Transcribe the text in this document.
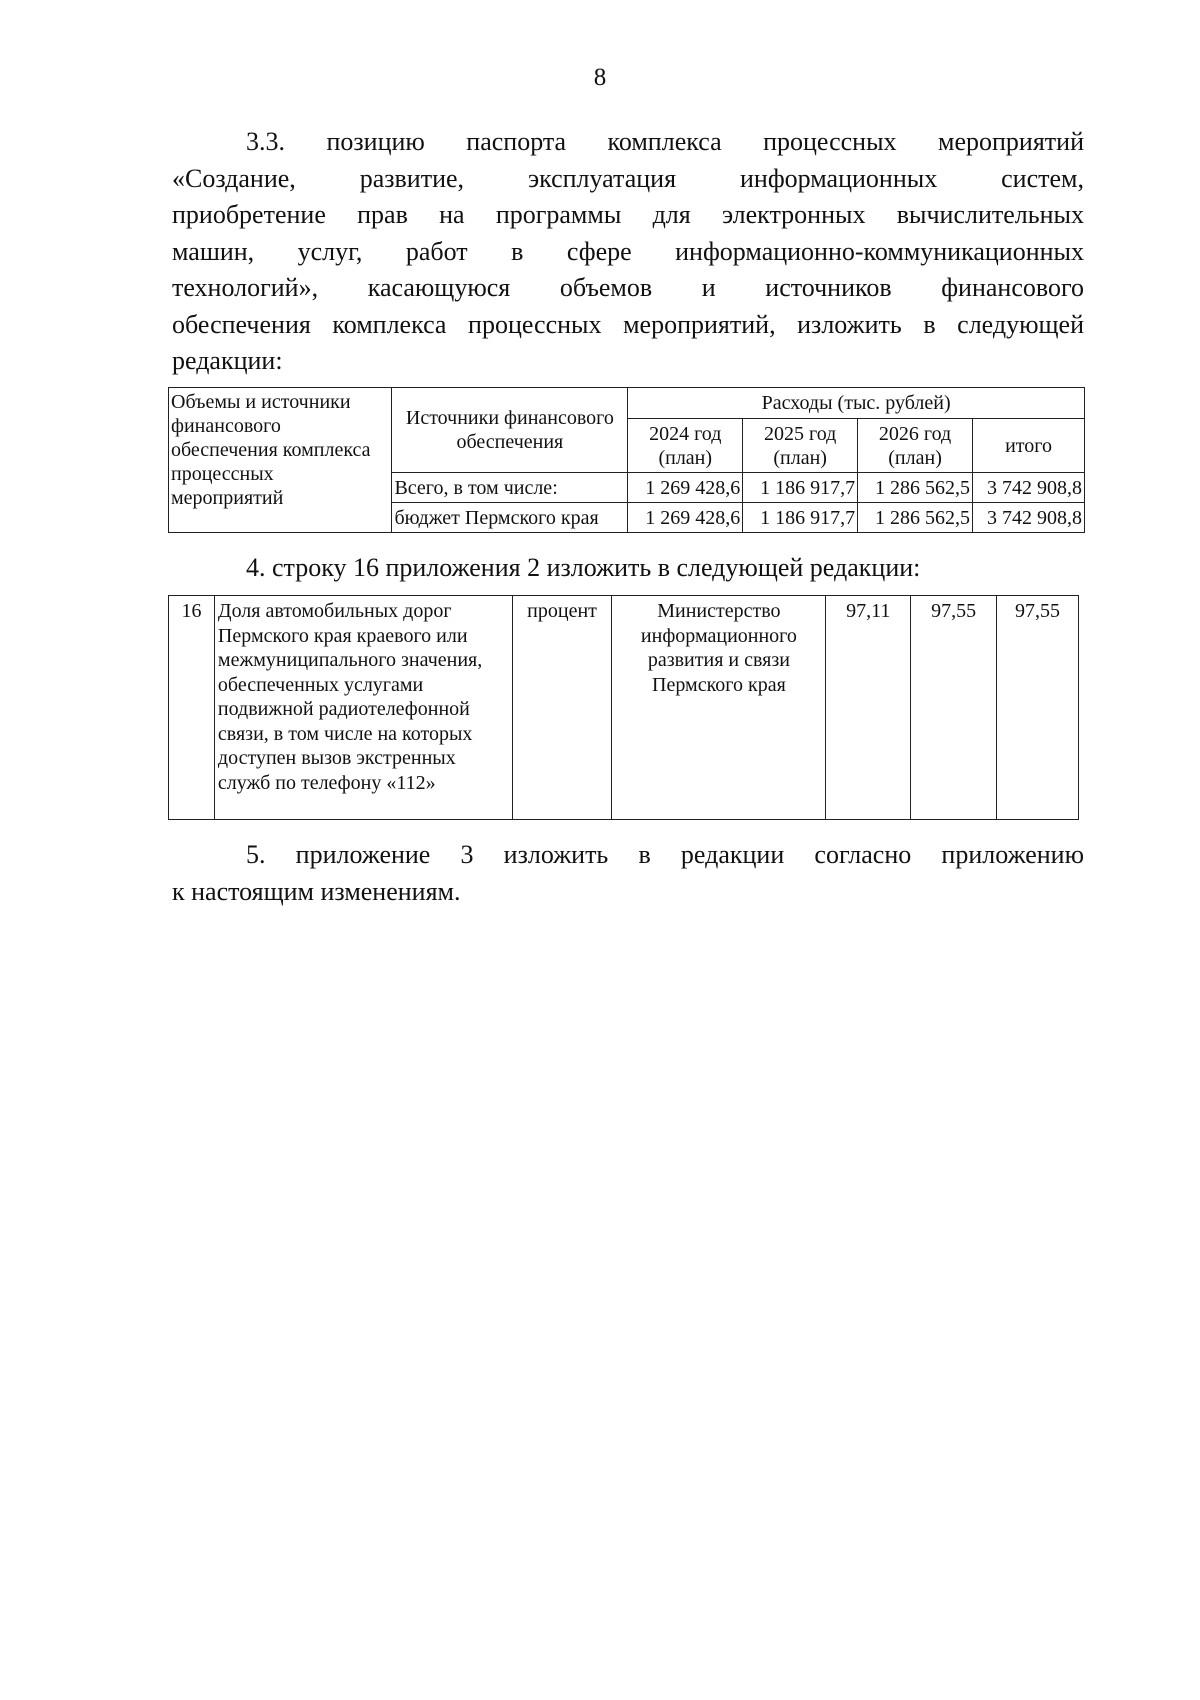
8
3.3. позицию паспорта комплекса процессных мероприятий
«Создание, развитие, эксплуатация информационных систем,
приобретение прав на программы для электронных вычислительных
машин, услуг, работ в сфере информационно-коммуникационных
технологий», касающуюся объемов и источников финансового
обеспечения комплекса процессных мероприятий, изложить в следующей
редакции:
Объемы и источники финансового обеспечения комплекса процессных мероприятий	Источники финансового обеспечения	Расходы (тыс. рублей)			
		2024 год (план)	2025 год (план)	2026 год (план)	итого
	Всего, в том числе:	1 269 428,6	1 186 917,7	1 286 562,5	3 742 908,8
	бюджет Пермского края	1 269 428,6	1 186 917,7	1 286 562,5	3 742 908,8
4. строку 16 приложения 2 изложить в следующей редакции:
16	Доля автомобильных дорог Пермского края краевого или межмуниципального значения, обеспеченных услугами подвижной радиотелефонной связи, в том числе на которых доступен вызов экстренных служб по телефону «112»	процент	Министерство информационного развития и связи Пермского края	97,11	97,55	97,55
5. приложение 3 изложить в редакции согласно приложению
к настоящим изменениям.
